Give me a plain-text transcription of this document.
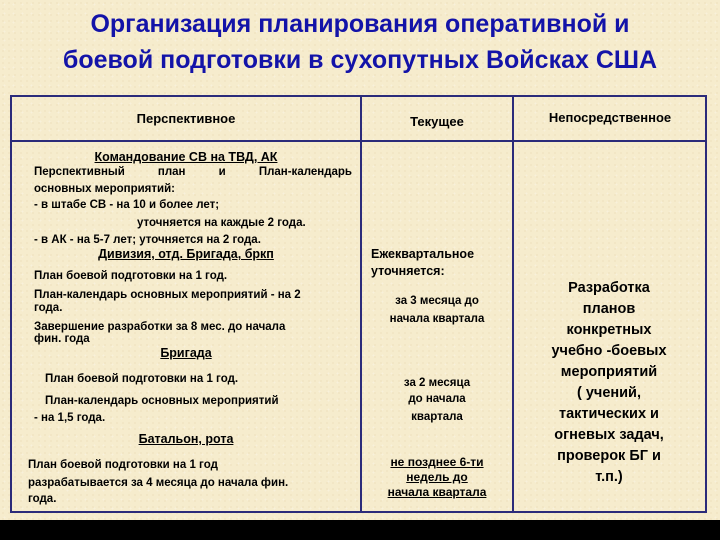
Организация планирования оперативной и
боевой подготовки в сухопутных Войсках США
Перспективное	Текущее	Непосредственное
Командование СВ на ТВД, АК
Перспективный план и План-календарь
основных мероприятий:
- в штабе СВ - на 10 и более лет;
уточняется на каждые 2 года.
- в АК - на 5-7 лет; уточняется на 2 года.
Дивизия, отд. Бригада, бркп
План боевой подготовки на 1 год.
План-календарь основных мероприятий - на 2
года.
Завершение разработки за 8 мес. до начала
фин. года
Бригада
План боевой подготовки на 1 год.
План-календарь основных мероприятий
- на 1,5 года.
Батальон, рота
План боевой подготовки на 1 год
разрабатывается за 4 месяца до начала фин.
года.
Ежеквартальное
уточняется:
за 3 месяца до
начала квартала
за 2 месяца
до начала
квартала
не позднее 6-ти
недель до
начала квартала
Разработка
планов
конкретных
учебно -боевых
мероприятий
( учений,
тактических и
огневых задач,
проверок БГ и
т.п.)
